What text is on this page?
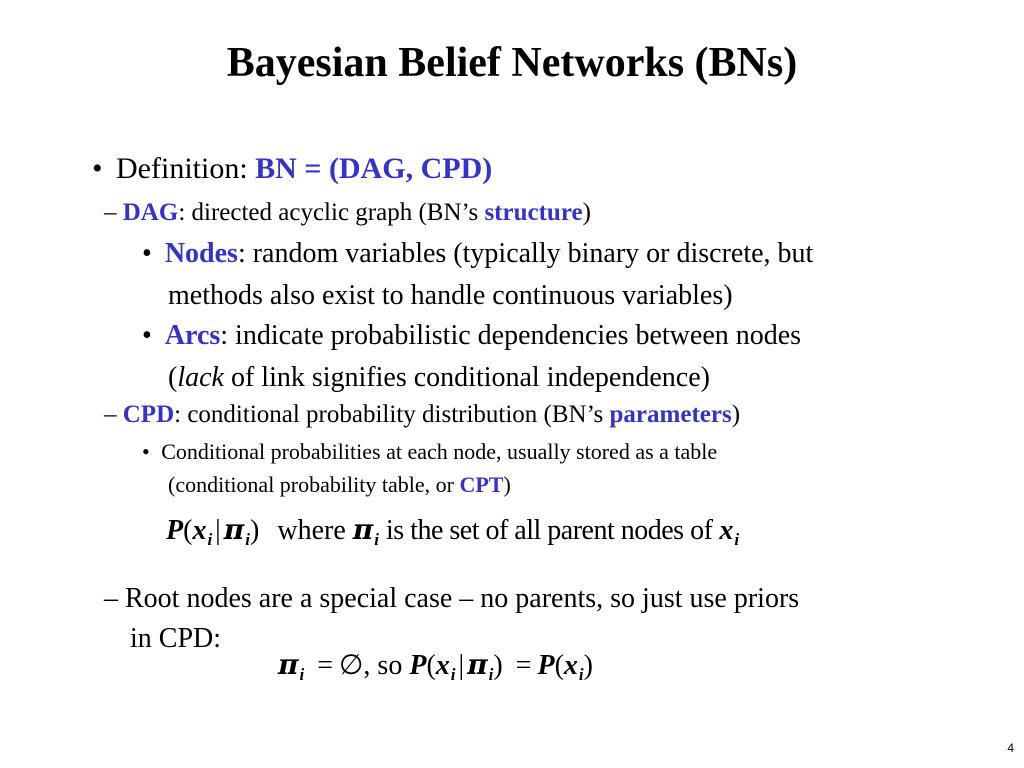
Bayesian Belief Networks (BNs)
• Definition: BN = (DAG, CPD)
– DAG: directed acyclic graph (BN’s structure)
• Nodes: random variables (typically binary or discrete, but
methods also exist to handle continuous variables)
• Arcs: indicate probabilistic dependencies between nodes
(lack of link signifies conditional independence)
– CPD: conditional probability distribution (BN’s parameters)
• Conditional probabilities at each node, usually stored as a table
(conditional probability table, or CPT)
$P(x_i$ | $\pi_i$) where $\pi_i$ is the set of all parent nodes of $x_i$
– Root nodes are a special case – no parents, so just use priors
in CPD:
$\pi_i$ = ∅, so $P(x_i$ | $\pi_i) = P(x_i)$
4
